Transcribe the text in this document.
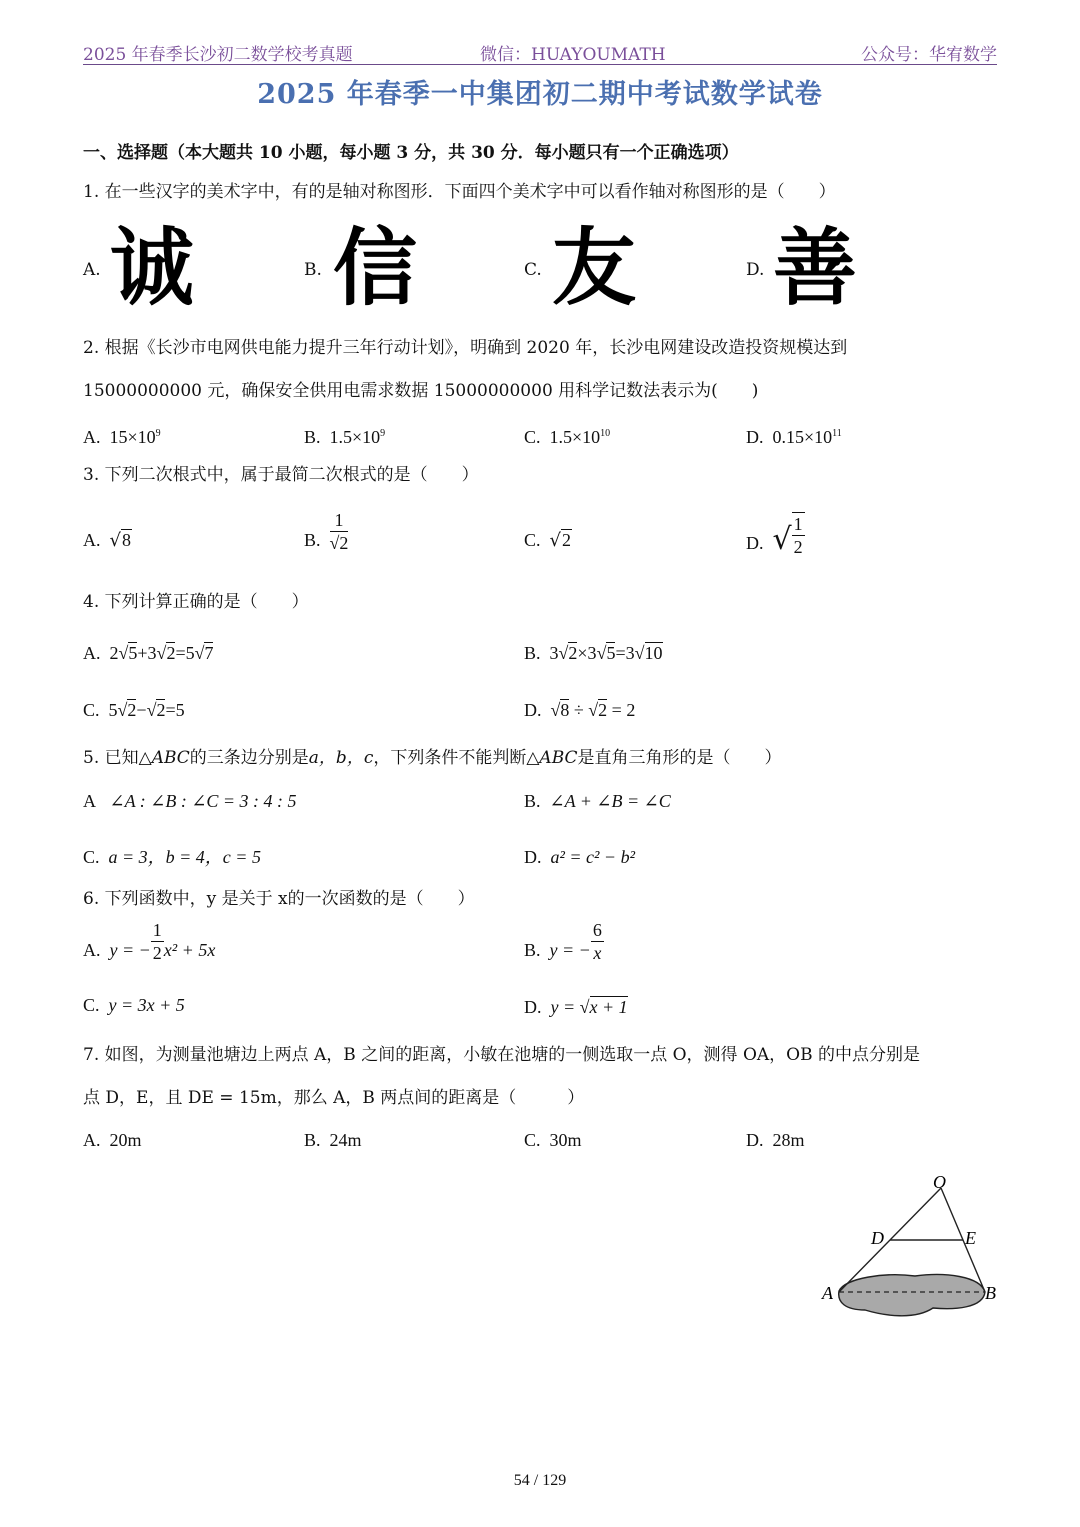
2025 年春季长沙初二数学校考真题	微信：HUAYOUMATH	公众号：华宥数学
2025 年春季一中集团初二期中考试数学试卷
一、选择题（本大题共 10 小题，每小题 3 分，共 30 分．每小题只有一个正确选项）
1. 在一些汉字的美术字中，有的是轴对称图形．下面四个美术字中可以看作轴对称图形的是（　　）
A. 诚	B. 信	C. 友	D. 善
2. 根据《长沙市电网供电能力提升三年行动计划》，明确到 2020 年，长沙电网建设改造投资规模达到
15000000000 元，确保安全供用电需求数据 15000000000 用科学记数法表示为(　　)
A.  $15\times 10^9$	B.  $1.5\times 10^9$	C.  $1.5\times 10^{10}$	D.  $0.15\times 10^{11}$
3. 下列二次根式中，属于最简二次根式的是（　　）
A.  √8	B. $\frac{1}{√2}$	C.  √2	D.  √ $\frac{1}{2}$
4. 下列计算正确的是（　　）
A.  2√5+3√2=5√7	B.  3√2×3√5=3√10
C.  5√2−√2=5	D.  √8 ÷ √2 = 2
5. 已知△ABC的三条边分别是a，b，c，下列条件不能判断△ABC是直角三角形的是（　　）
A   ∠A : ∠B : ∠C = 3 : 4 : 5	B.  ∠A + ∠B = ∠C
C.  a = 3，b = 4，c = 5	D.  a² = c² − b²
6. 下列函数中，y 是关于 x的一次函数的是（　　）
A.  y = − $\frac{1}{2} x^2 + 5x$	B.  y = − $\frac{6}{x}$
C.  y = 3x + 5	D.  y = √x + 1
7. 如图，为测量池塘边上两点 A，B 之间的距离，小敏在池塘的一侧选取一点 O，测得 OA，OB 的中点分别是
点 D，E，且 DE = 15m，那么 A，B 两点间的距离是（　　　）
A.  20m	B.  24m	C.  30m	D.  28m
O
D	E
A	B
54 / 129
